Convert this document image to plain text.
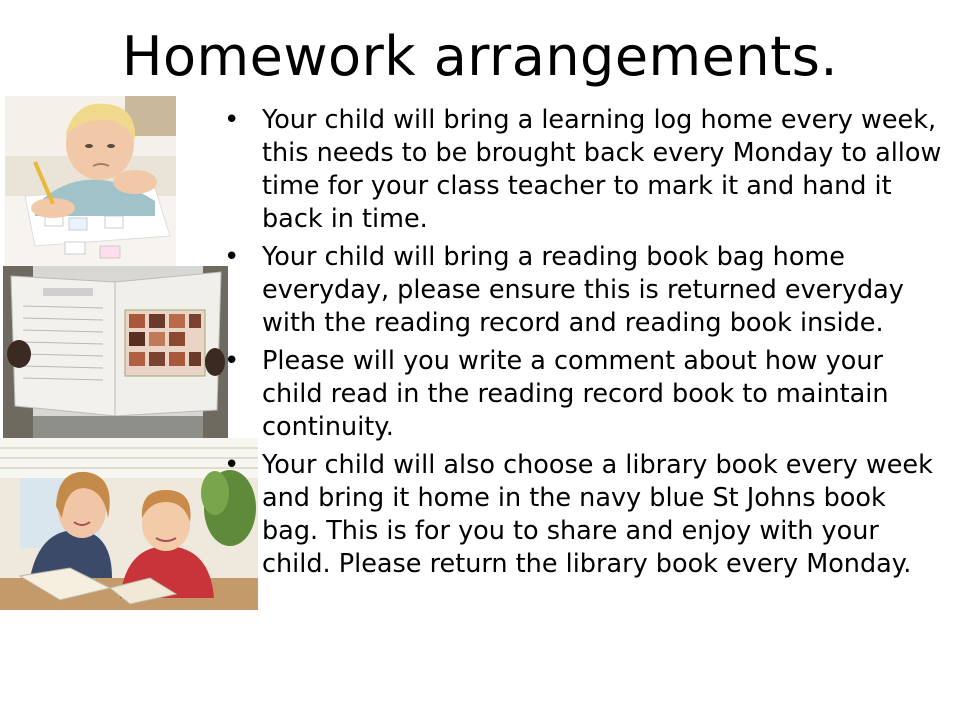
Homework arrangements.
• Your child will bring a learning log home every week, this needs to be brought back every Monday to allow time for your class teacher to mark it and hand it back in time.
• Your child will bring a reading book bag home everyday, please ensure this is returned everyday with the reading record and reading book inside.
• Please will you write a comment about how your child read in the reading record book to maintain continuity.
• Your child will also choose a library book every week and bring it home in the navy blue St Johns book bag. This is for you to share and enjoy with your child. Please return the library book every Monday.
